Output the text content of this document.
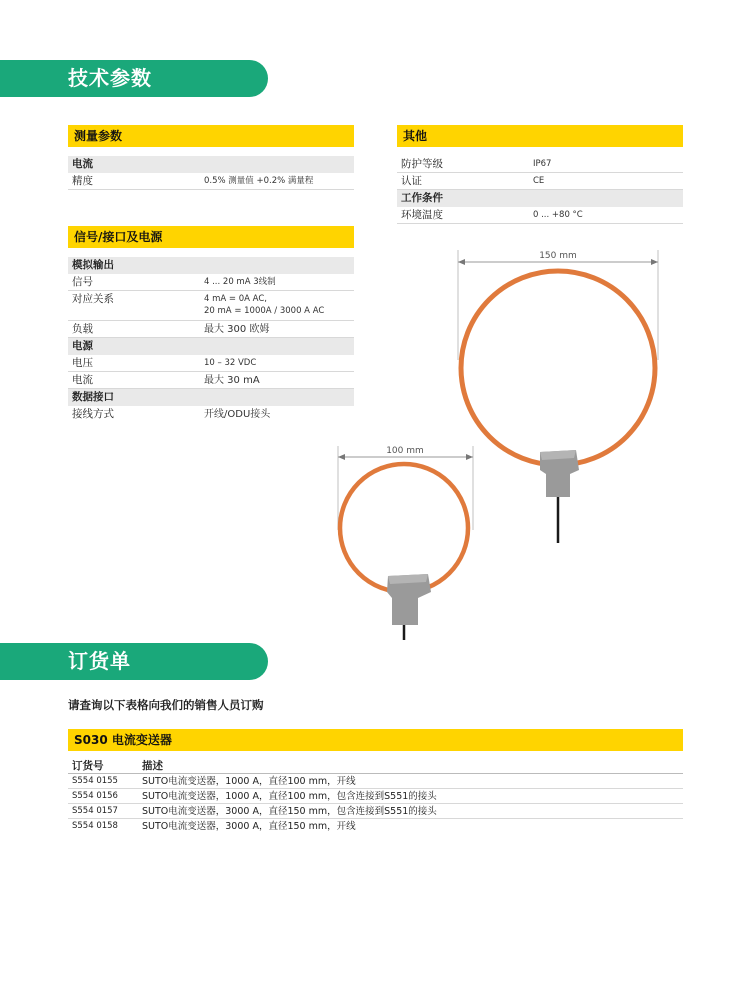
技术参数
测量参数
电流
精度	0.5% 测量值 +0.2% 满量程
信号/接口及电源
模拟输出
信号	4 ... 20 mA 3线制
对应关系	4 mA = 0A AC,
20 mA = 1000A / 3000 A AC
负载	最大 300 欧姆
电源
电压	10 – 32 VDC
电流	最大 30 mA
数据接口
接线方式	开线/ODU接头
其他
防护等级	IP67
认证	CE
工作条件
环境温度	0 ... +80 °C
150 mm
100 mm
订货单
请查询以下表格向我们的销售人员订购
S030 电流变送器
订货号	描述
S554 0155	SUTO电流变送器，1000 A，直径100 mm，开线
S554 0156	SUTO电流变送器，1000 A，直径100 mm，包含连接到S551的接头
S554 0157	SUTO电流变送器，3000 A，直径150 mm，包含连接到S551的接头
S554 0158	SUTO电流变送器，3000 A，直径150 mm，开线
